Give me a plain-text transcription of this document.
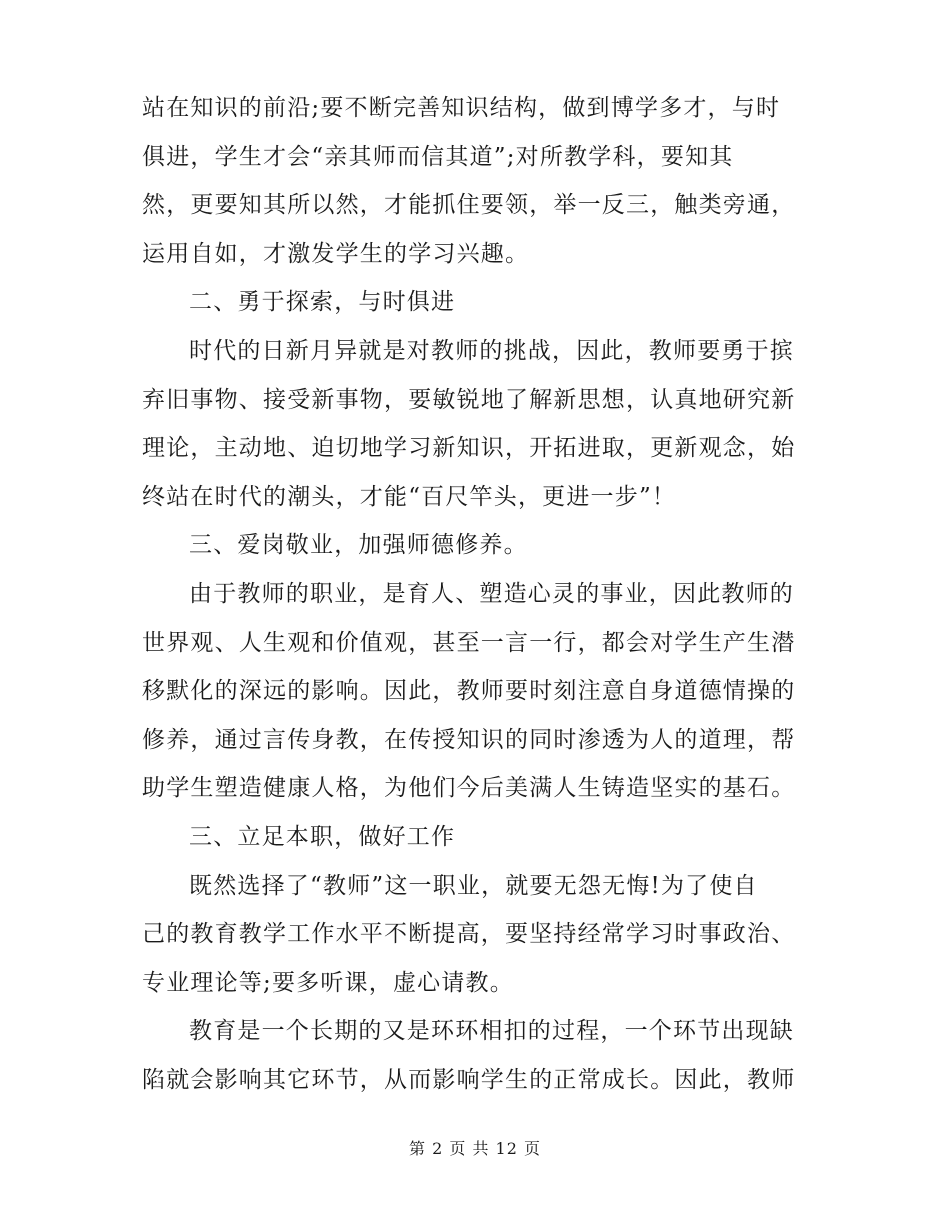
站在知识的前沿;要不断完善知识结构，做到博学多才，与时
俱进，学生才会“亲其师而信其道”;对所教学科，要知其
然，更要知其所以然，才能抓住要领，举一反三，触类旁通，
运用自如，才激发学生的学习兴趣。
二、勇于探索，与时俱进
时代的日新月异就是对教师的挑战，因此，教师要勇于摈
弃旧事物、接受新事物，要敏锐地了解新思想，认真地研究新
理论，主动地、迫切地学习新知识，开拓进取，更新观念，始
终站在时代的潮头，才能“百尺竿头，更进一步”！
三、爱岗敬业，加强师德修养。
由于教师的职业，是育人、塑造心灵的事业，因此教师的
世界观、人生观和价值观，甚至一言一行，都会对学生产生潜
移默化的深远的影响。因此，教师要时刻注意自身道德情操的
修养，通过言传身教，在传授知识的同时渗透为人的道理，帮
助学生塑造健康人格，为他们今后美满人生铸造坚实的基石。
三、立足本职，做好工作
既然选择了“教师”这一职业，就要无怨无悔!为了使自
己的教育教学工作水平不断提高，要坚持经常学习时事政治、
专业理论等;要多听课，虚心请教。
教育是一个长期的又是环环相扣的过程，一个环节出现缺
陷就会影响其它环节，从而影响学生的正常成长。因此，教师
第 2 页 共 12 页
